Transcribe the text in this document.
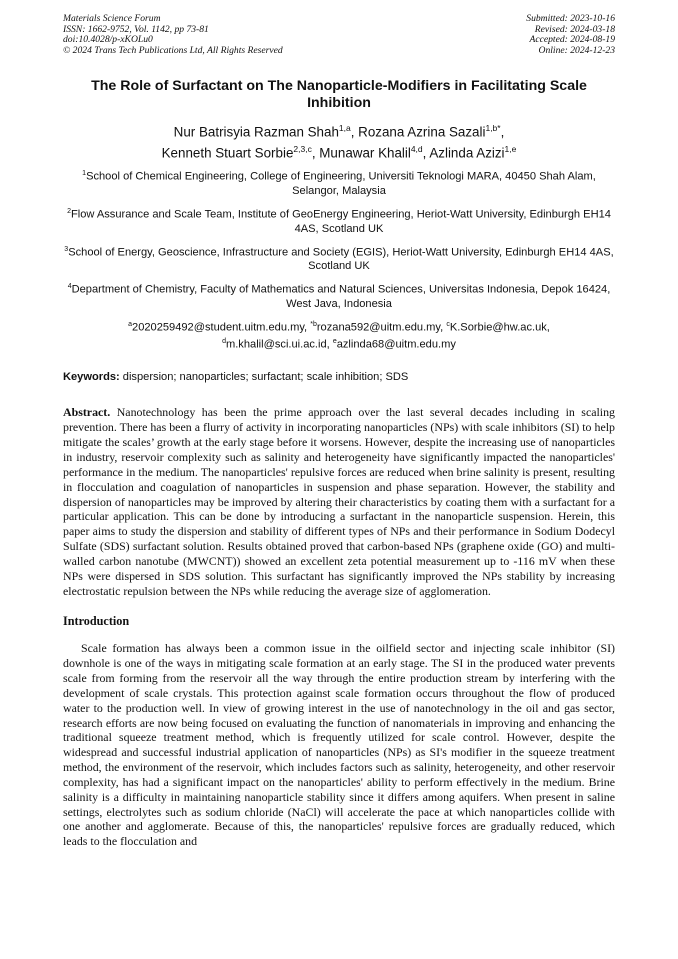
Materials Science Forum
ISSN: 1662-9752, Vol. 1142, pp 73-81
doi:10.4028/p-xKOLu0
© 2024 Trans Tech Publications Ltd, All Rights Reserved
Submitted: 2023-10-16
Revised: 2024-03-18
Accepted: 2024-08-19
Online: 2024-12-23
The Role of Surfactant on The Nanoparticle-Modifiers in Facilitating Scale Inhibition
Nur Batrisyia Razman Shah$^{1,a}$, Rozana Azrina Sazali$^{1,b*}$,
Kenneth Stuart Sorbie$^{2,3,c}$, Munawar Khalil$^{4,d}$, Azlinda Azizi$^{1,e}$

$^1$School of Chemical Engineering, College of Engineering, Universiti Teknologi MARA, 40450 Shah Alam, Selangor, Malaysia

$^2$Flow Assurance and Scale Team, Institute of GeoEnergy Engineering, Heriot-Watt University, Edinburgh EH14 4AS, Scotland UK

$^3$School of Energy, Geoscience, Infrastructure and Society (EGIS), Heriot-Watt University, Edinburgh EH14 4AS, Scotland UK

$^4$Department of Chemistry, Faculty of Mathematics and Natural Sciences, Universitas Indonesia, Depok 16424, West Java, Indonesia

$^a$2020259492@student.uitm.edu.my, $^{*b}$rozana592@uitm.edu.my, $^c$K.Sorbie@hw.ac.uk,
$^d$m.khalil@sci.ui.ac.id, $^e$azlinda68@uitm.edu.my
Keywords: dispersion; nanoparticles; surfactant; scale inhibition; SDS

Abstract. Nanotechnology has been the prime approach over the last several decades including in scaling prevention. There has been a flurry of activity in incorporating nanoparticles (NPs) with scale inhibitors (SI) to help mitigate the scales’ growth at the early stage before it worsens. However, despite the increasing use of nanoparticles in industry, reservoir complexity such as salinity and heterogeneity have significantly impacted the nanoparticles' performance in the medium. The nanoparticles' repulsive forces are reduced when brine salinity is present, resulting in flocculation and coagulation of nanoparticles in suspension and phase separation. However, the stability and dispersion of nanoparticles may be improved by altering their characteristics by coating them with a surfactant for a particular application. This can be done by introducing a surfactant in the nanoparticle suspension. Herein, this paper aims to study the dispersion and stability of different types of NPs and their performance in Sodium Dodecyl Sulfate (SDS) surfactant solution. Results obtained proved that carbon-based NPs (graphene oxide (GO) and multi-walled carbon nanotube (MWCNT)) showed an excellent zeta potential measurement up to -116 mV when these NPs were dispersed in SDS solution. This surfactant has significantly improved the NPs stability by increasing electrostatic repulsion between the NPs while reducing the average size of agglomeration.

Introduction

Scale formation has always been a common issue in the oilfield sector and injecting scale inhibitor (SI) downhole is one of the ways in mitigating scale formation at an early stage. The SI in the produced water prevents scale from forming from the reservoir all the way through the entire production stream by interfering with the development of scale crystals. This protection against scale formation occurs throughout the flow of produced water to the production well. In view of growing interest in the use of nanotechnology in the oil and gas sector, research efforts are now being focused on evaluating the function of nanomaterials in improving and enhancing the traditional squeeze treatment method, which is frequently utilized for scale control. However, despite the widespread and successful industrial application of nanoparticles (NPs) as SI's modifier in the squeeze treatment method, the environment of the reservoir, which includes factors such as salinity, heterogeneity, and other reservoir complexity, has had a significant impact on the nanoparticles' ability to perform effectively in the medium. Brine salinity is a difficulty in maintaining nanoparticle stability since it differs among aquifers. When present in saline settings, electrolytes such as sodium chloride (NaCl) will accelerate the pace at which nanoparticles collide with one another and agglomerate. Because of this, the nanoparticles' repulsive forces are gradually reduced, which leads to the flocculation and
